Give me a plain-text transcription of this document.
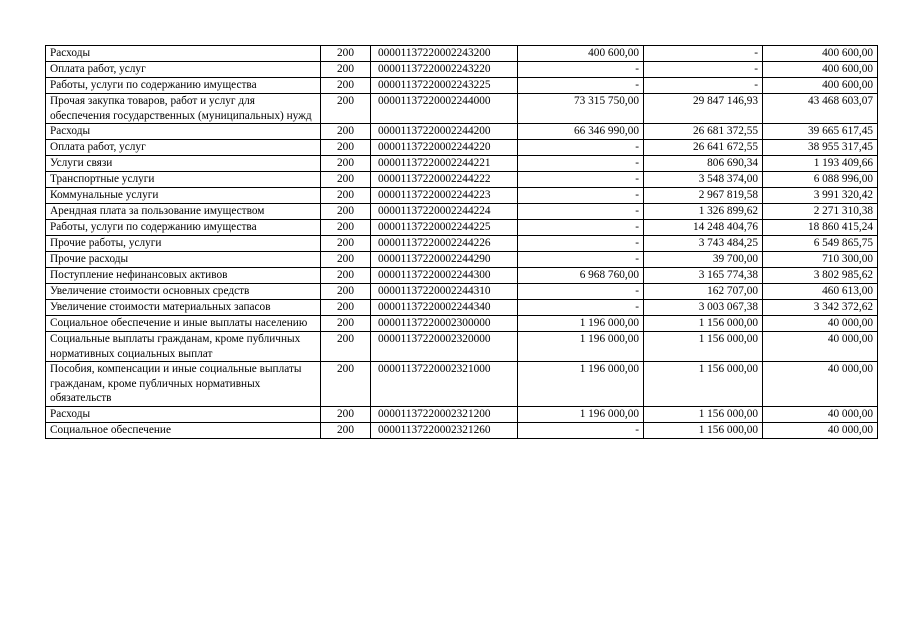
Расходы	200	00001137220002243200	400 600,00	-	400 600,00
Оплата работ, услуг	200	00001137220002243220	-	-	400 600,00
Работы, услуги по содержанию имущества	200	00001137220002243225	-	-	400 600,00
Прочая закупка товаров, работ и услуг для обеспечения государственных (муниципальных) нужд	200	00001137220002244000	73 315 750,00	29 847 146,93	43 468 603,07
Расходы	200	00001137220002244200	66 346 990,00	26 681 372,55	39 665 617,45
Оплата работ, услуг	200	00001137220002244220	-	26 641 672,55	38 955 317,45
Услуги связи	200	00001137220002244221	-	806 690,34	1 193 409,66
Транспортные услуги	200	00001137220002244222	-	3 548 374,00	6 088 996,00
Коммунальные услуги	200	00001137220002244223	-	2 967 819,58	3 991 320,42
Арендная плата за пользование имуществом	200	00001137220002244224	-	1 326 899,62	2 271 310,38
Работы, услуги по содержанию имущества	200	00001137220002244225	-	14 248 404,76	18 860 415,24
Прочие работы, услуги	200	00001137220002244226	-	3 743 484,25	6 549 865,75
Прочие расходы	200	00001137220002244290	-	39 700,00	710 300,00
Поступление нефинансовых активов	200	00001137220002244300	6 968 760,00	3 165 774,38	3 802 985,62
Увеличение стоимости основных средств	200	00001137220002244310	-	162 707,00	460 613,00
Увеличение стоимости материальных запасов	200	00001137220002244340	-	3 003 067,38	3 342 372,62
Социальное обеспечение и иные выплаты населению	200	00001137220002300000	1 196 000,00	1 156 000,00	40 000,00
Социальные выплаты гражданам, кроме публичных нормативных социальных выплат	200	00001137220002320000	1 196 000,00	1 156 000,00	40 000,00
Пособия, компенсации и иные социальные выплаты гражданам, кроме публичных нормативных обязательств	200	00001137220002321000	1 196 000,00	1 156 000,00	40 000,00
Расходы	200	00001137220002321200	1 196 000,00	1 156 000,00	40 000,00
Социальное обеспечение	200	00001137220002321260	-	1 156 000,00	40 000,00
